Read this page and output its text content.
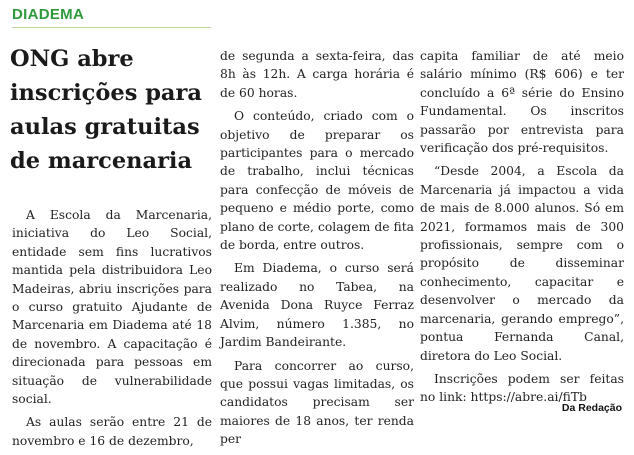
DIADEMA
ONG abre inscrições para aulas gratuitas de marcenaria

A Escola da Marcenaria, iniciativa do Leo Social, entidade sem fins lucrativos mantida pela distribuidora Leo Madeiras, abriu inscrições para o curso gratuito Ajudante de Marcenaria em Diadema até 18 de novembro. A capacitação é direcionada para pessoas em situação de vulnerabilidade social.

As aulas serão entre 21 de novembro e 16 de dezembro,

de segunda a sexta-feira, das 8h às 12h. A carga horária é de 60 horas.

O conteúdo, criado com o objetivo de preparar os participantes para o mercado de trabalho, inclui técnicas para confecção de móveis de pequeno e médio porte, como plano de corte, colagem de fita de borda, entre outros.

Em Diadema, o curso será realizado no Tabea, na Avenida Dona Ruyce Ferraz Alvim, número 1.385, no Jardim Bandeirante.

Para concorrer ao curso, que possui vagas limitadas, os candidatos precisam ser maiores de 18 anos, ter renda per

capita familiar de até meio salário mínimo (R$ 606) e ter concluído a 6ª série do Ensino Fundamental. Os inscritos passarão por entrevista para verificação dos pré-requisitos.

“Desde 2004, a Escola da Marcenaria já impactou a vida de mais de 8.000 alunos. Só em 2021, formamos mais de 300 profissionais, sempre com o propósito de disseminar conhecimento, capacitar e desenvolver o mercado da marcenaria, gerando emprego”, pontua Fernanda Canal, diretora do Leo Social.

Inscrições podem ser feitas no link: https://abre.ai/fiTb

Da Redação
